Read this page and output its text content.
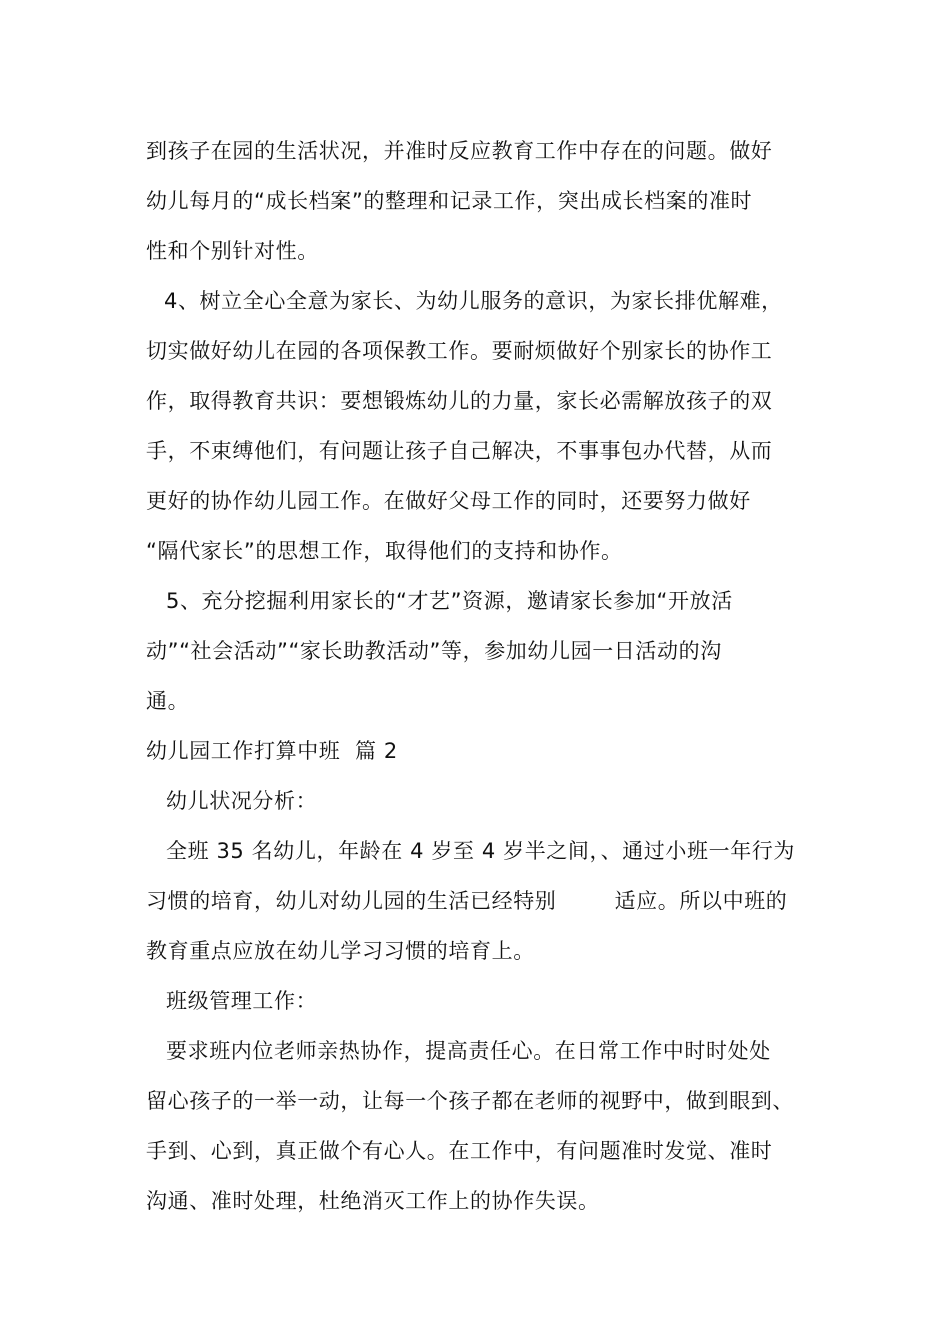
到孩子在园的生活状况，并准时反应教育工作中存在的问题。做好
幼儿每月的“成长档案”的整理和记录工作，突出成长档案的准时
性和个别针对性。
4、树立全心全意为家长、为幼儿服务的意识，为家长排优解难，
切实做好幼儿在园的各项保教工作。要耐烦做好个别家长的协作工
作，取得教育共识：要想锻炼幼儿的力量，家长必需解放孩子的双
手，不束缚他们，有问题让孩子自己解决，不事事包办代替，从而
更好的协作幼儿园工作。在做好父母工作的同时，还要努力做好
“隔代家长”的思想工作，取得他们的支持和协作。
5、充分挖掘利用家长的“才艺”资源，邀请家长参加“开放活
动”“社会活动”“家长助教活动”等，参加幼儿园一日活动的沟
通。
幼儿园工作打算中班  篇 2
幼儿状况分析：
全班 35 名幼儿，年龄在 4 岁至 4 岁半之间，、通过小班一年行为
习惯的培育，幼儿对幼儿园的生活已经特别        适应。所以中班的
教育重点应放在幼儿学习习惯的培育上。
班级管理工作：
要求班内位老师亲热协作，提高责任心。在日常工作中时时处处
留心孩子的一举一动，让每一个孩子都在老师的视野中，做到眼到、
手到、心到，真正做个有心人。在工作中，有问题准时发觉、准时
沟通、准时处理，杜绝消灭工作上的协作失误。
